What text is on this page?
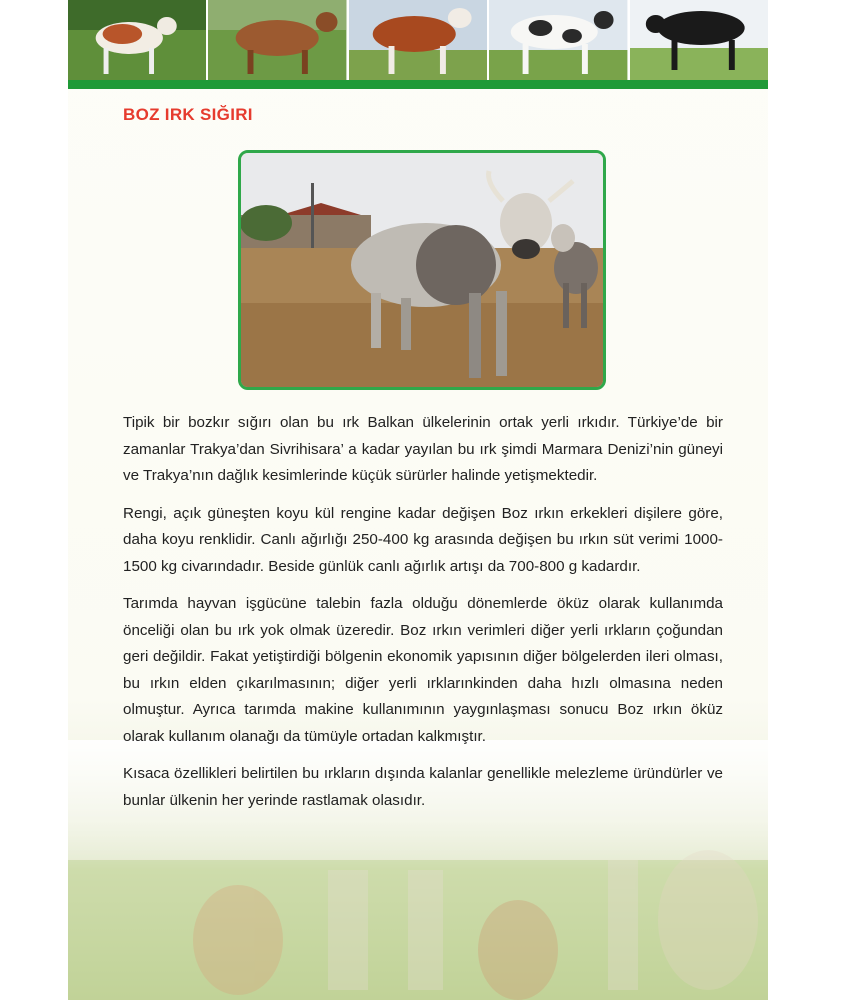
BOZ IRK SIĞIRI

Tipik bir bozkır sığırı olan bu ırk Balkan ülkelerinin ortak yerli ırkıdır. Türkiye’de bir zamanlar Trakya’dan Sivrihisara’ a kadar yayılan bu ırk şimdi Marmara Denizi’nin güneyi ve Trakya’nın dağlık kesimlerinde küçük sürürler halinde yetişmektedir.

Rengi, açık güneşten koyu kül rengine kadar değişen Boz ırkın erkekleri dişilere göre, daha koyu renklidir. Canlı ağırlığı 250-400 kg arasında değişen bu ırkın süt verimi 1000-1500 kg civarındadır. Beside günlük canlı ağırlık artışı da 700-800 g kadardır.

Tarımda hayvan işgücüne talebin fazla olduğu dönemlerde öküz olarak kullanımda önceliği olan bu ırk yok olmak üzeredir. Boz ırkın verimleri diğer yerli ırkların çoğundan geri değildir. Fakat yetiştirdiği bölgenin ekonomik yapısının diğer bölgelerden ileri olması, bu ırkın elden çıkarılmasının; diğer yerli ırklarınkinden daha hızlı olmasına neden olmuştur. Ayrıca tarımda makine kullanımının yaygınlaşması sonucu Boz ırkın öküz olarak kullanım olanağı da tümüyle ortadan kalkmıştır.

Kısaca özellikleri belirtilen bu ırkların dışında kalanlar genellikle melezleme üründürler ve bunlar ülkenin her yerinde rastlamak olasıdır.
